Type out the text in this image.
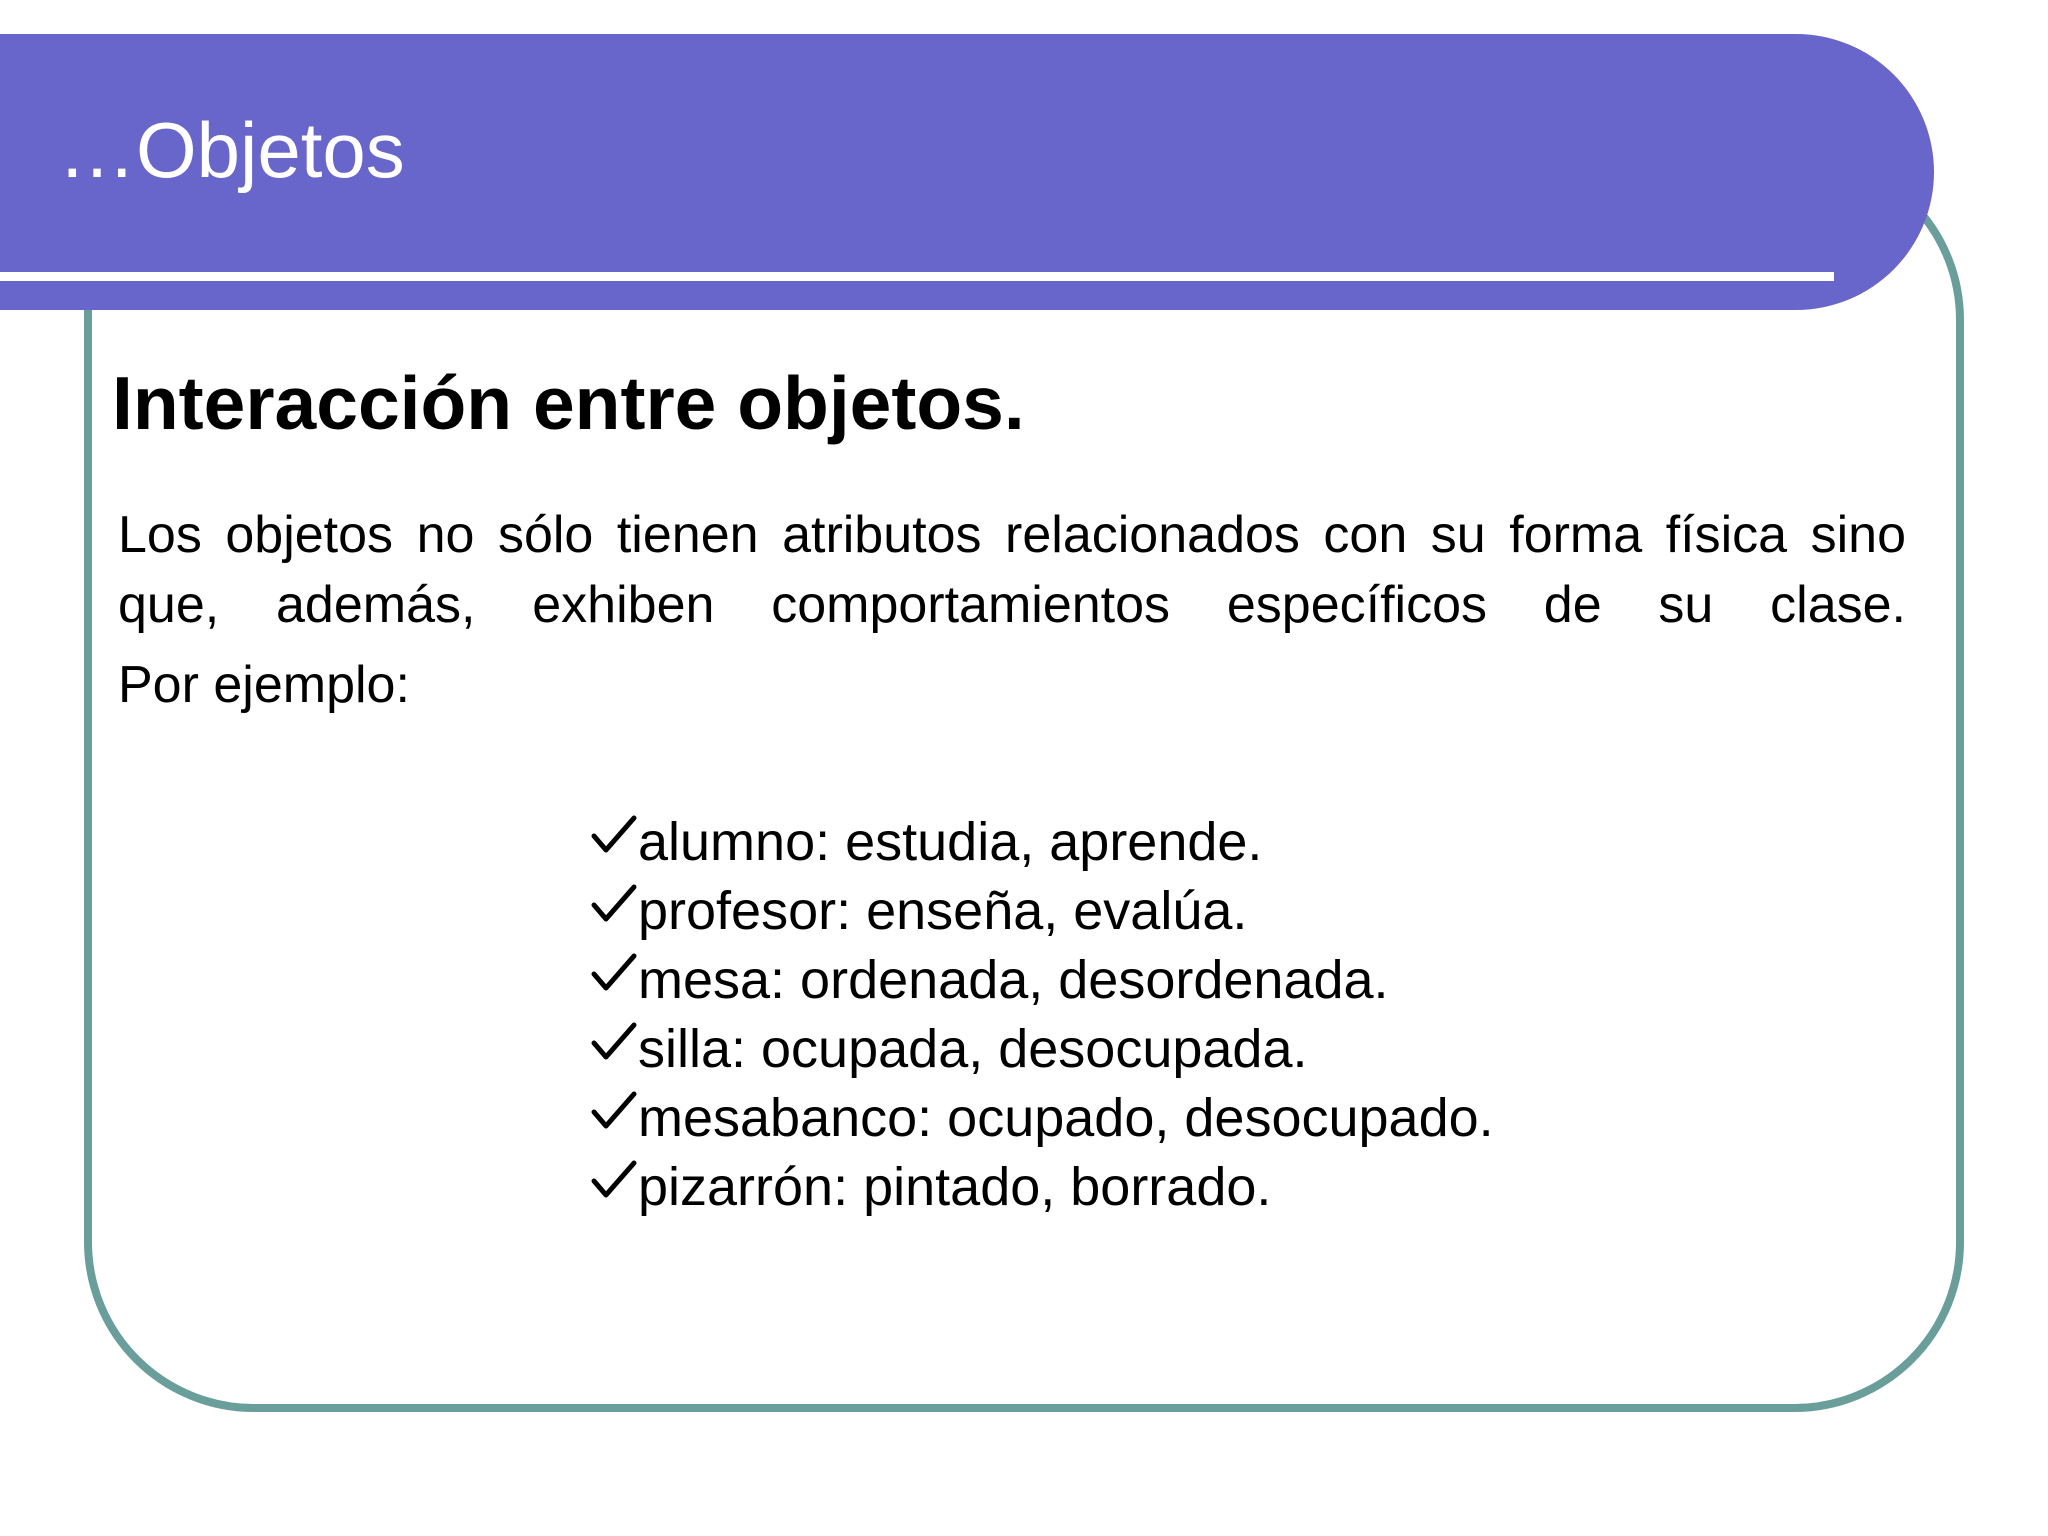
…Objetos
Interacción entre objetos.
Los objetos no sólo tienen atributos relacionados con su forma física sino que, además, exhiben comportamientos específicos de su clase.
Por ejemplo:
alumno: estudia, aprende.
profesor: enseña, evalúa.
mesa: ordenada, desordenada.
silla: ocupada, desocupada.
mesabanco: ocupado, desocupado.
pizarrón: pintado, borrado.
